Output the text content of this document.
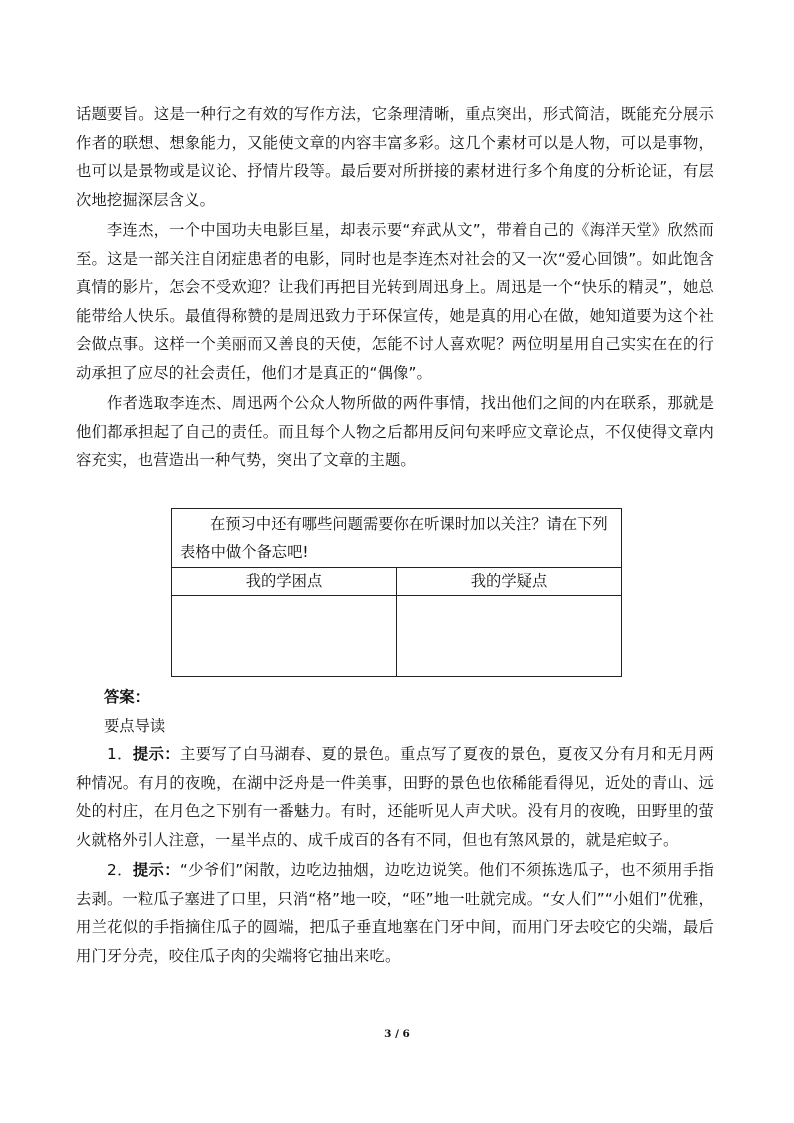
话题要旨。这是一种行之有效的写作方法，它条理清晰，重点突出，形式简洁，既能充分展示作者的联想、想象能力，又能使文章的内容丰富多彩。这几个素材可以是人物，可以是事物，也可以是景物或是议论、抒情片段等。最后要对所拼接的素材进行多个角度的分析论证，有层次地挖掘深层含义。

李连杰，一个中国功夫电影巨星，却表示要“弃武从文”，带着自己的《海洋天堂》欣然而至。这是一部关注自闭症患者的电影，同时也是李连杰对社会的又一次“爱心回馈”。如此饱含真情的影片，怎会不受欢迎？让我们再把目光转到周迅身上。周迅是一个“快乐的精灵”，她总能带给人快乐。最值得称赞的是周迅致力于环保宣传，她是真的用心在做，她知道要为这个社会做点事。这样一个美丽而又善良的天使，怎能不讨人喜欢呢？两位明星用自己实实在在的行动承担了应尽的社会责任，他们才是真正的“偶像”。

作者选取李连杰、周迅两个公众人物所做的两件事情，找出他们之间的内在联系，那就是他们都承担起了自己的责任。而且每个人物之后都用反问句来呼应文章论点，不仅使得文章内容充实，也营造出一种气势，突出了文章的主题。

在预习中还有哪些问题需要你在听课时加以关注？请在下列表格中做个备忘吧!	

我的学困点	我的学疑点

答案：
要点导读

1．提示：主要写了白马湖春、夏的景色。重点写了夏夜的景色，夏夜又分有月和无月两种情况。有月的夜晚，在湖中泛舟是一件美事，田野的景色也依稀能看得见，近处的青山、远处的村庄，在月色之下别有一番魅力。有时，还能听见人声犬吠。没有月的夜晚，田野里的萤火就格外引人注意，一星半点的、成千成百的各有不同，但也有煞风景的，就是疟蚊子。

2．提示：“少爷们”闲散，边吃边抽烟，边吃边说笑。他们不须拣选瓜子，也不须用手指去剥。一粒瓜子塞进了口里，只消“格”地一咬，“呸”地一吐就完成。“女人们”“小姐们”优雅，用兰花似的手指摘住瓜子的圆端，把瓜子垂直地塞在门牙中间，而用门牙去咬它的尖端，最后用门牙分壳，咬住瓜子肉的尖端将它抽出来吃。

3 / 6
